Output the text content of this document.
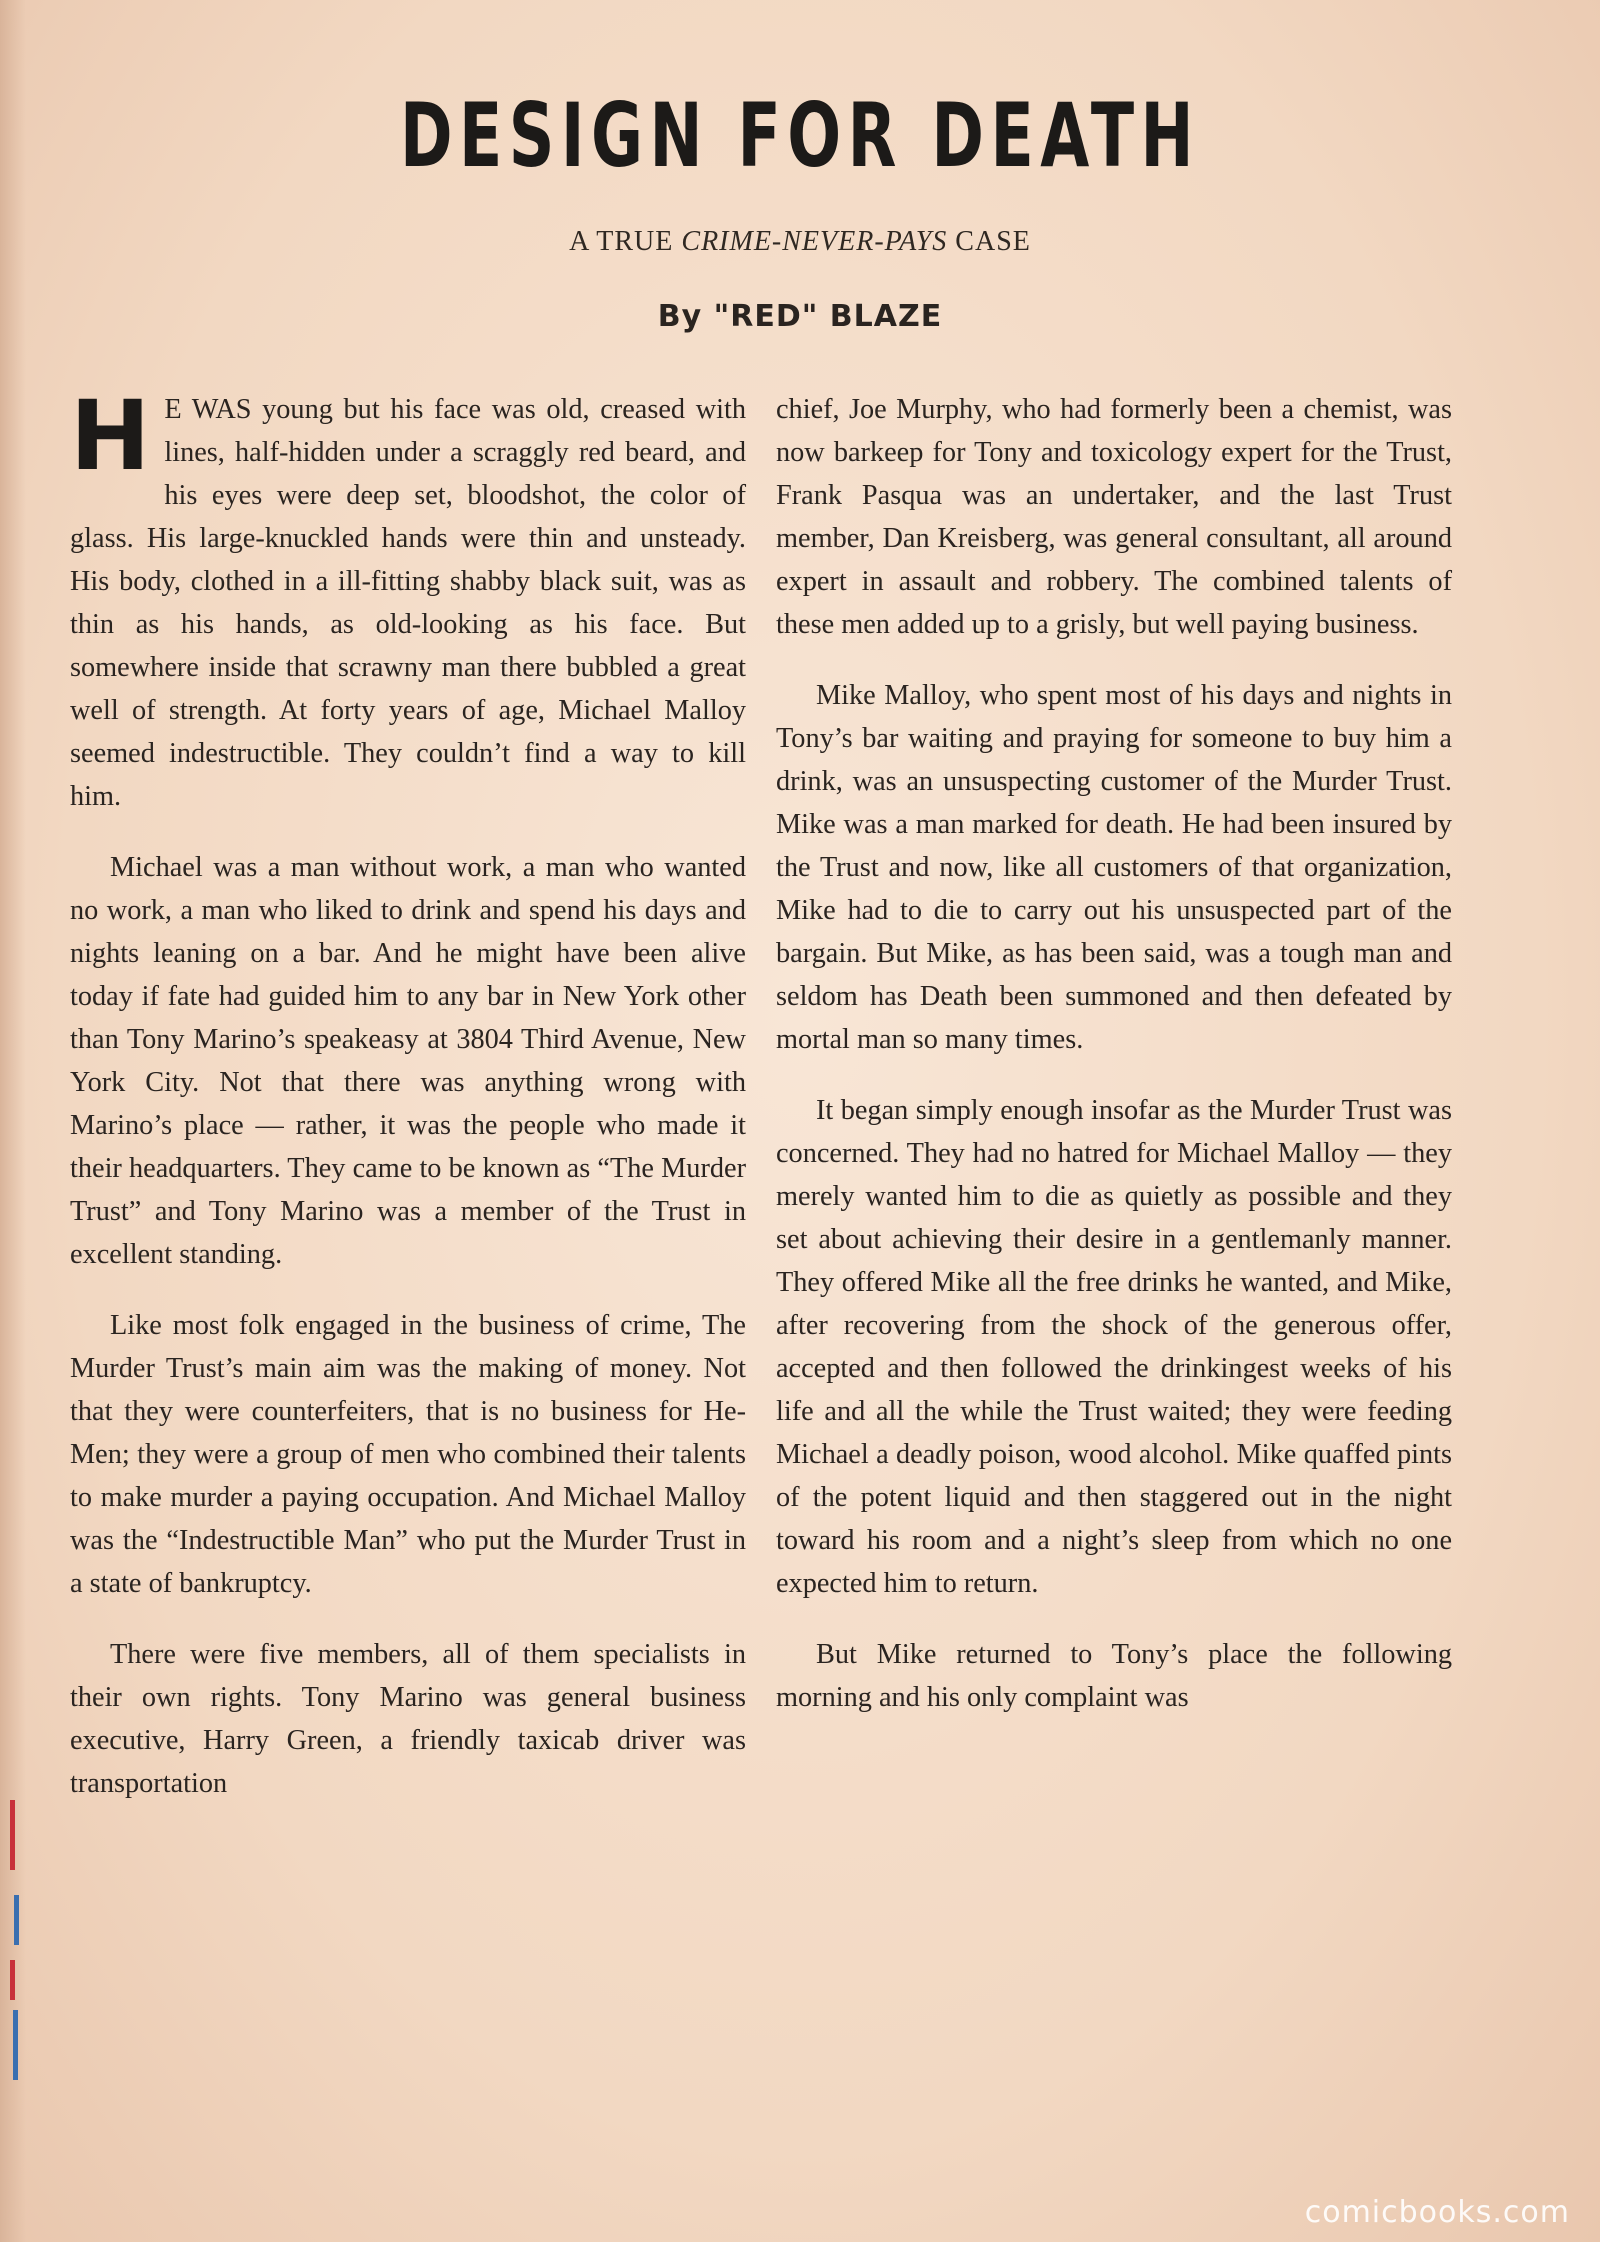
DESIGN FOR DEATH
A TRUE CRIME-NEVER-PAYS CASE
By "RED" BLAZE

H E WAS young but his face was old, creased with lines, half-hidden under a scraggly red beard, and his eyes were deep set, bloodshot, the color of glass. His large-knuckled hands were thin and unsteady. His body, clothed in a ill-fitting shabby black suit, was as thin as his hands, as old-looking as his face. But somewhere inside that scrawny man there bubbled a great well of strength. At forty years of age, Michael Malloy seemed indestructible. They couldn’t find a way to kill him.

Michael was a man without work, a man who wanted no work, a man who liked to drink and spend his days and nights leaning on a bar. And he might have been alive today if fate had guided him to any bar in New York other than Tony Marino’s speakeasy at 3804 Third Avenue, New York City. Not that there was anything wrong with Marino’s place — rather, it was the people who made it their headquarters. They came to be known as “The Murder Trust” and Tony Marino was a member of the Trust in excellent standing.

Like most folk engaged in the business of crime, The Murder Trust’s main aim was the making of money. Not that they were counterfeiters, that is no business for He-Men; they were a group of men who combined their talents to make murder a paying occupation. And Michael Malloy was the “Indestructible Man” who put the Murder Trust in a state of bankruptcy.

There were five members, all of them specialists in their own rights. Tony Marino was general business executive, Harry Green, a friendly taxicab driver was transportation

chief, Joe Murphy, who had formerly been a chemist, was now barkeep for Tony and toxicology expert for the Trust, Frank Pasqua was an undertaker, and the last Trust member, Dan Kreisberg, was general consultant, all around expert in assault and robbery. The combined talents of these men added up to a grisly, but well paying business.

Mike Malloy, who spent most of his days and nights in Tony’s bar waiting and praying for someone to buy him a drink, was an unsuspecting customer of the Murder Trust. Mike was a man marked for death. He had been insured by the Trust and now, like all customers of that organization, Mike had to die to carry out his unsuspected part of the bargain. But Mike, as has been said, was a tough man and seldom has Death been summoned and then defeated by mortal man so many times.

It began simply enough insofar as the Murder Trust was concerned. They had no hatred for Michael Malloy — they merely wanted him to die as quietly as possible and they set about achieving their desire in a gentlemanly manner. They offered Mike all the free drinks he wanted, and Mike, after recovering from the shock of the generous offer, accepted and then followed the drinkingest weeks of his life and all the while the Trust waited; they were feeding Michael a deadly poison, wood alcohol. Mike quaffed pints of the potent liquid and then staggered out in the night toward his room and a night’s sleep from which no one expected him to return.

But Mike returned to Tony’s place the following morning and his only complaint was

comicbooks.com
